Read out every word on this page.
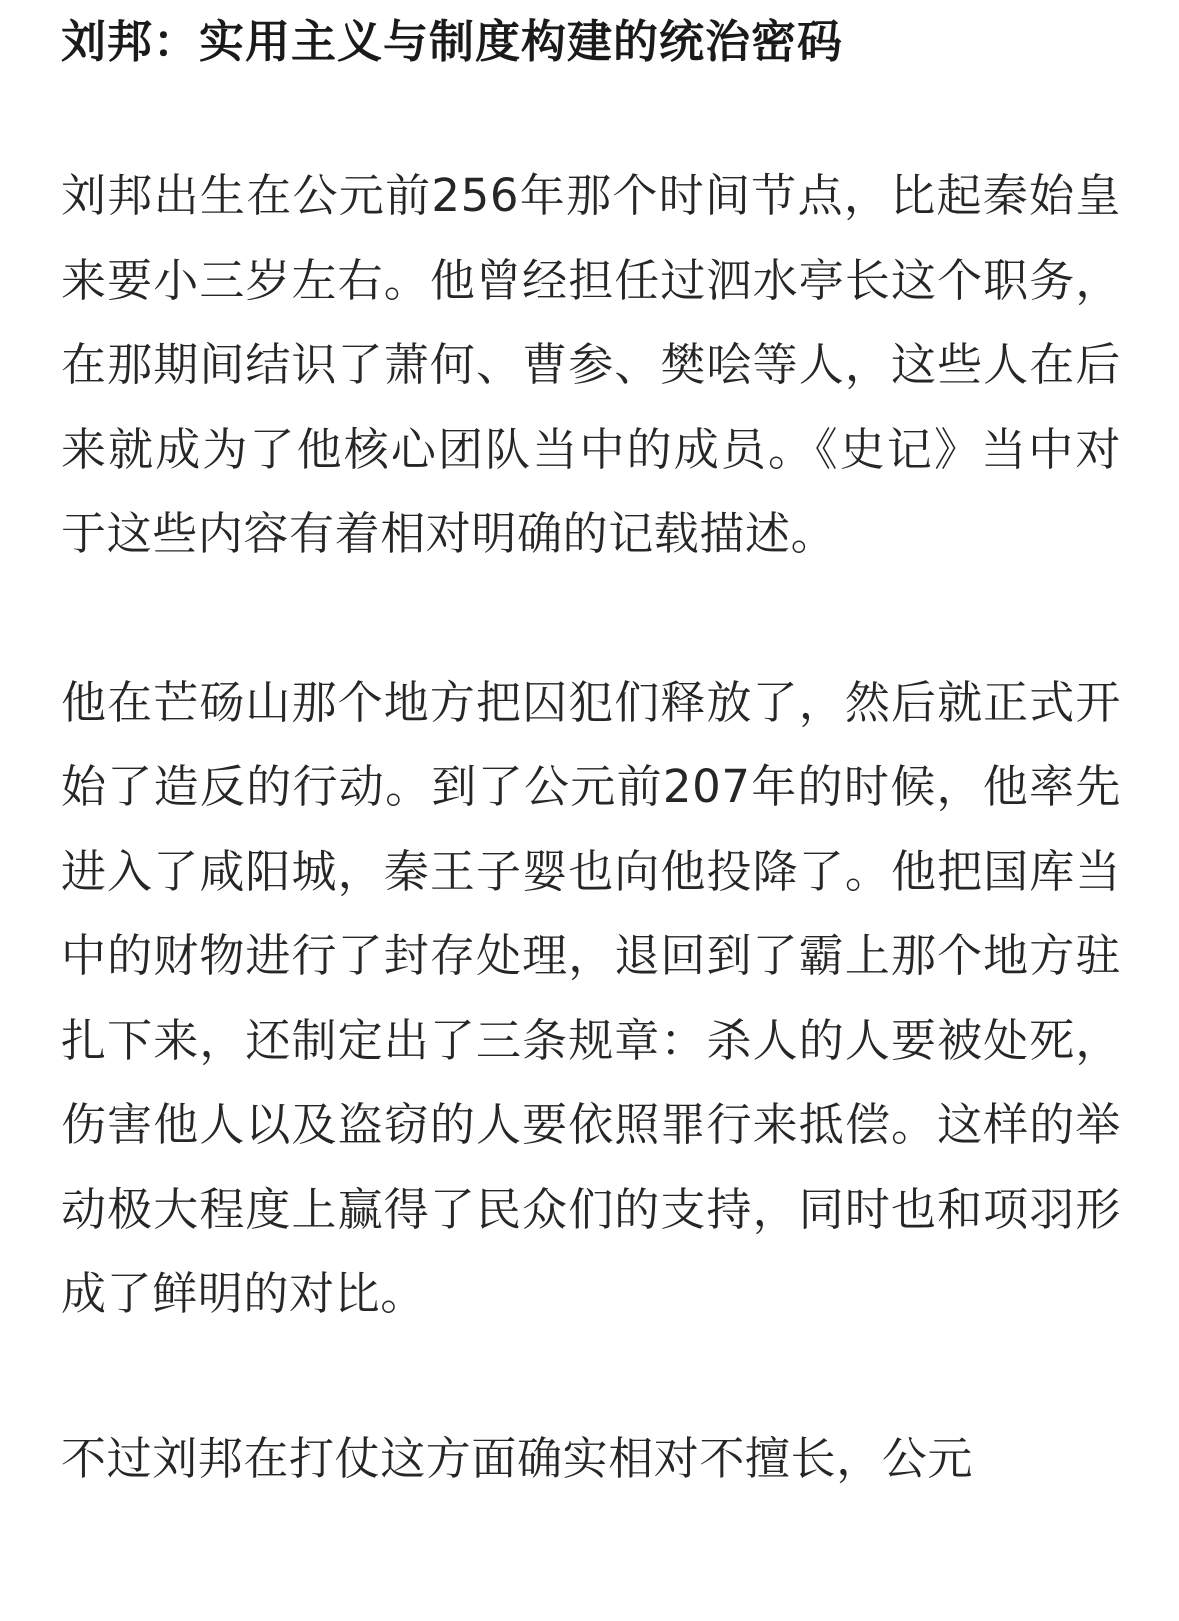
刘邦：实用主义与制度构建的统治密码

刘邦出生在公元前256年那个时间节点，比起秦始皇来要小三岁左右。他曾经担任过泗水亭长这个职务，在那期间结识了萧何、曹参、樊哙等人，这些人在后来就成为了他核心团队当中的成员。《史记》当中对于这些内容有着相对明确的记载描述。

他在芒砀山那个地方把囚犯们释放了，然后就正式开始了造反的行动。到了公元前207年的时候，他率先进入了咸阳城，秦王子婴也向他投降了。他把国库当中的财物进行了封存处理，退回到了霸上那个地方驻扎下来，还制定出了三条规章：杀人的人要被处死，伤害他人以及盗窃的人要依照罪行来抵偿。这样的举动极大程度上赢得了民众们的支持，同时也和项羽形成了鲜明的对比。

不过刘邦在打仗这方面确实相对不擅长，公元
